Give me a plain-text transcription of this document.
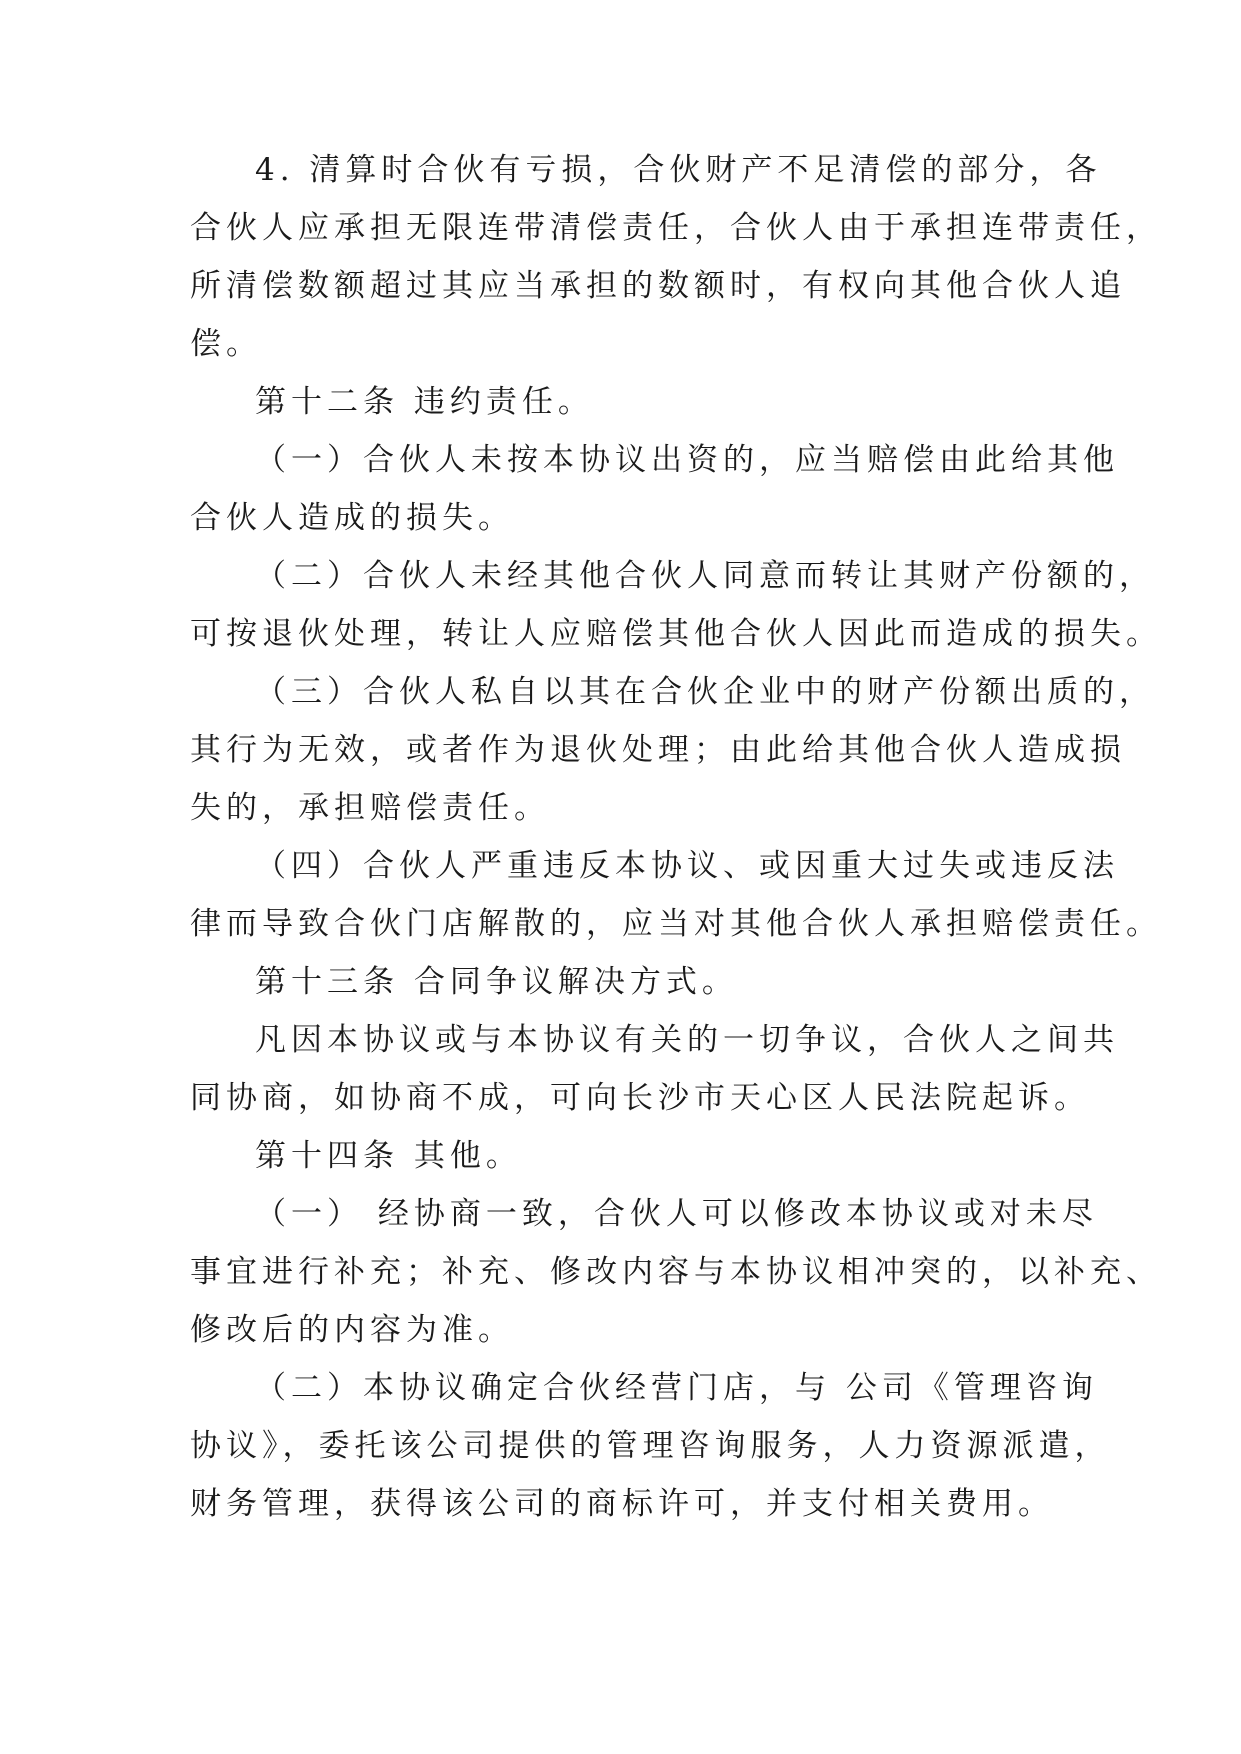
4. 清算时合伙有亏损，合伙财产不足清偿的部分，各
合伙人应承担无限连带清偿责任，合伙人由于承担连带责任，
所清偿数额超过其应当承担的数额时，有权向其他合伙人追
偿。
第十二条 违约责任。
（一）合伙人未按本协议出资的，应当赔偿由此给其他
合伙人造成的损失。
（二）合伙人未经其他合伙人同意而转让其财产份额的，
可按退伙处理，转让人应赔偿其他合伙人因此而造成的损失。
（三）合伙人私自以其在合伙企业中的财产份额出质的，
其行为无效，或者作为退伙处理；由此给其他合伙人造成损
失的，承担赔偿责任。
（四）合伙人严重违反本协议、或因重大过失或违反法
律而导致合伙门店解散的，应当对其他合伙人承担赔偿责任。
第十三条 合同争议解决方式。
凡因本协议或与本协议有关的一切争议，合伙人之间共
同协商，如协商不成，可向长沙市天心区人民法院起诉。
第十四条 其他。
（一） 经协商一致，合伙人可以修改本协议或对未尽
事宜进行补充；补充、修改内容与本协议相冲突的，以补充、
修改后的内容为准。
（二）本协议确定合伙经营门店，与 公司《管理咨询
协议》，委托该公司提供的管理咨询服务，人力资源派遣，
财务管理，获得该公司的商标许可，并支付相关费用。
